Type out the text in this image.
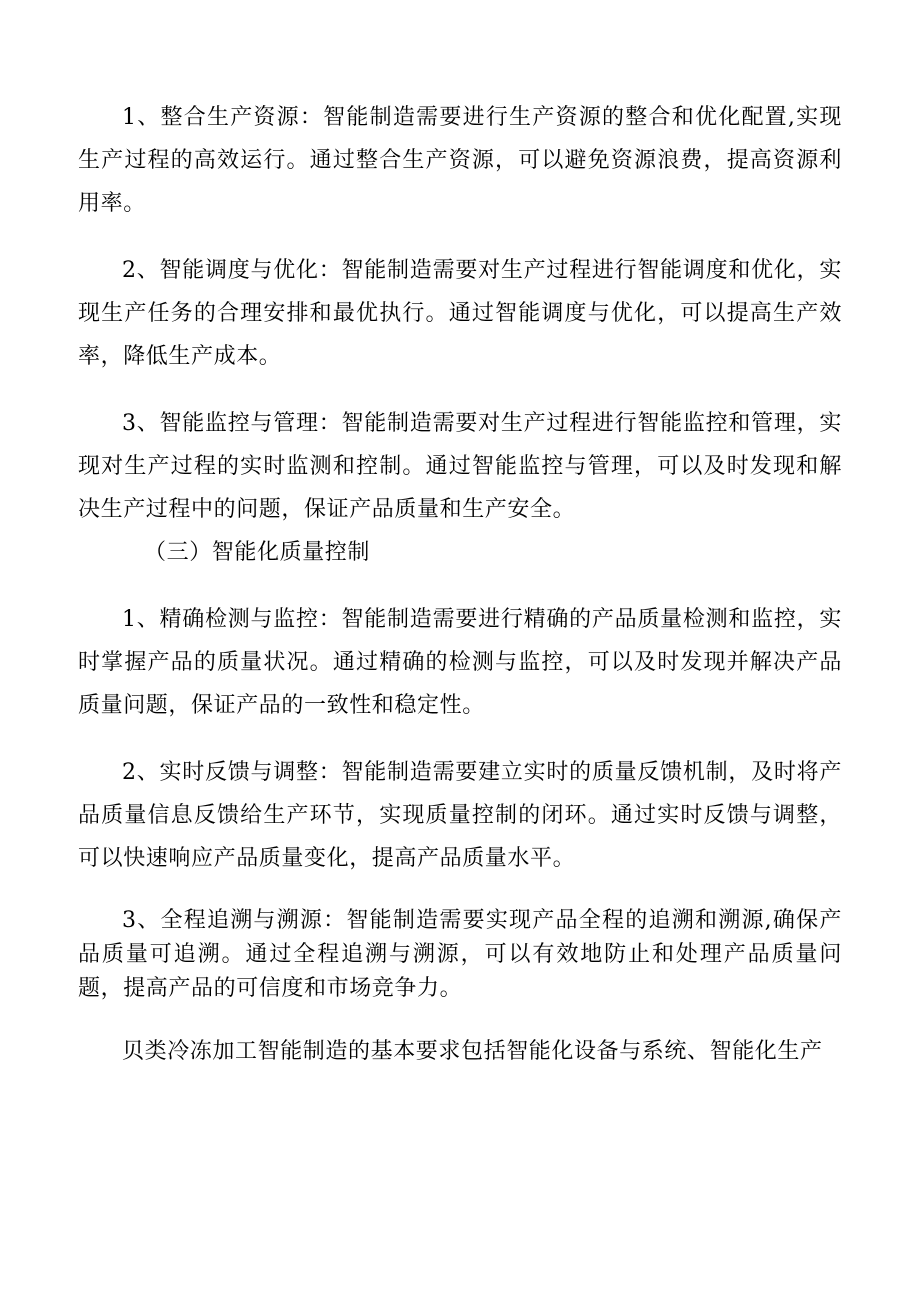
1、整合生产资源：智能制造需要进行生产资源的整合和优化配置,实现生产过程的高效运行。通过整合生产资源，可以避免资源浪费，提高资源利用率。

2、智能调度与优化：智能制造需要对生产过程进行智能调度和优化，实现生产任务的合理安排和最优执行。通过智能调度与优化，可以提高生产效率，降低生产成本。

3、智能监控与管理：智能制造需要对生产过程进行智能监控和管理，实现对生产过程的实时监测和控制。通过智能监控与管理，可以及时发现和解决生产过程中的问题，保证产品质量和生产安全。

（三）智能化质量控制

1、精确检测与监控：智能制造需要进行精确的产品质量检测和监控，实时掌握产品的质量状况。通过精确的检测与监控，可以及时发现并解决产品质量问题，保证产品的一致性和稳定性。

2、实时反馈与调整：智能制造需要建立实时的质量反馈机制，及时将产品质量信息反馈给生产环节，实现质量控制的闭环。通过实时反馈与调整，可以快速响应产品质量变化，提高产品质量水平。

3、全程追溯与溯源：智能制造需要实现产品全程的追溯和溯源,确保产品质量可追溯。通过全程追溯与溯源，可以有效地防止和处理产品质量问题，提高产品的可信度和市场竞争力。

贝类冷冻加工智能制造的基本要求包括智能化设备与系统、智能化生产
